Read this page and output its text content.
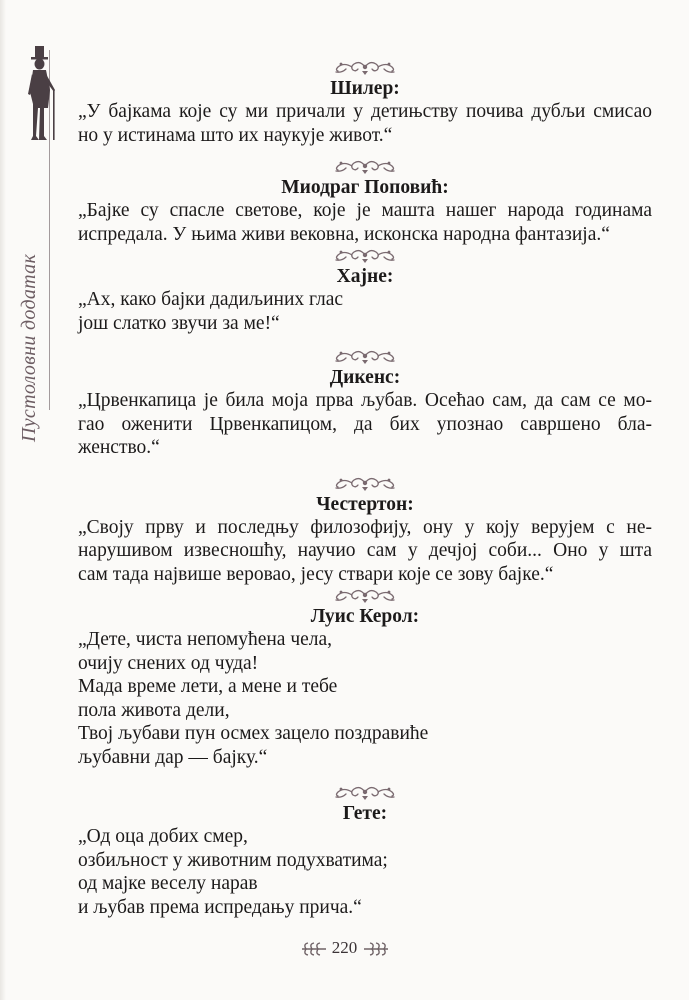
Пустоловни додатак
Шилер:
„У бајкама које су ми причали у детињству почива дубљи смисао
но у истинама што их наукује живот.“
Миодраг Поповић:
„Бајке су спасле светове, које је машта нашег народа годинама
испредала. У њима живи вековна, исконска народна фантазија.“
Хајне:
„Ах, како бајки дадиљиних глас
још слатко звучи за ме!“
Дикенс:
„Црвенкапица је била моја прва љубав. Осећао сам, да сам се мо-
гао оженити Црвенкапицом, да бих упознао савршено бла-
женство.“
Честертон:
„Своју прву и последњу филозофију, ону у коју верујем с не-
нарушивом извесношћу, научио сам у дечјој соби... Оно у шта
сам тада највише веровао, јесу ствари које се зову бајке.“
Луис Керол:
„Дете, чиста непомућена чела,
очију снених од чуда!
Мада време лети, а мене и тебе
пола живота дели,
Твој љубави пун осмех зацело поздравиће
љубавни дар — бајку.“
Гете:
„Од оца добих смер,
озбиљност у животним подухватима;
од мајке веселу нарав
и љубав према испредању прича.“
220
